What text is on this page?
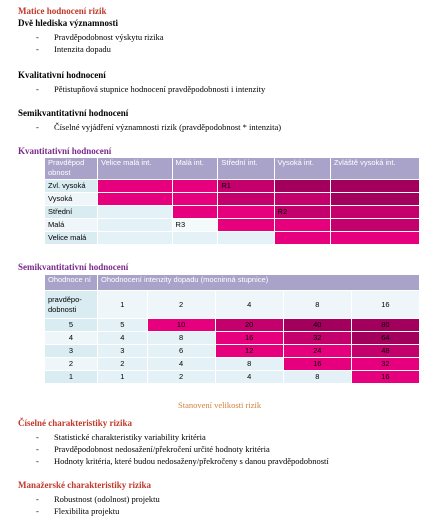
Matice hodnocení rizik
Dvě hlediska významnosti
- Pravděpodobnost výskytu rizika
- Intenzita dopadu
Kvalitativní hodnocení
- Pětistupňová stupnice hodnocení pravděpodobnosti i intenzity
Semikvantitativní hodnocení
- Číselné vyjádření významnosti rizik (pravděpodobnost * intenzita)
Kvantitativní hodnocení
Pravděpod obnost	Velice malá int.	Malá int.	Střední int.	Vysoká int.	Zvláště vysoká int.
Zvl. vysoká			R1		
Vysoká					
Střední				R2	
Malá		R3			
Velice malá					
Semikvantitativní hodnocení
Ohodnoce ní	Ohodnocení intenzity dopadu (mocninná stupnice)				
pravděpo- dobnosti	1	2	4	8	16
5	5	10	20	40	80
4	4	8	16	32	64
3	3	6	12	24	48
2	2	4	8	16	32
1	1	2	4	8	16
Stanovení velikosti rizik
Číselné charakteristiky rizika
- Statistické charakteristiky variability kritéria
- Pravděpodobnost nedosažení/překročení určité hodnoty kritéria
- Hodnoty kritéria, které budou nedosaženy/překročeny s danou pravděpodobností
Manažerské charakteristiky rizika
- Robustnost (odolnost) projektu
- Flexibilita projektu
